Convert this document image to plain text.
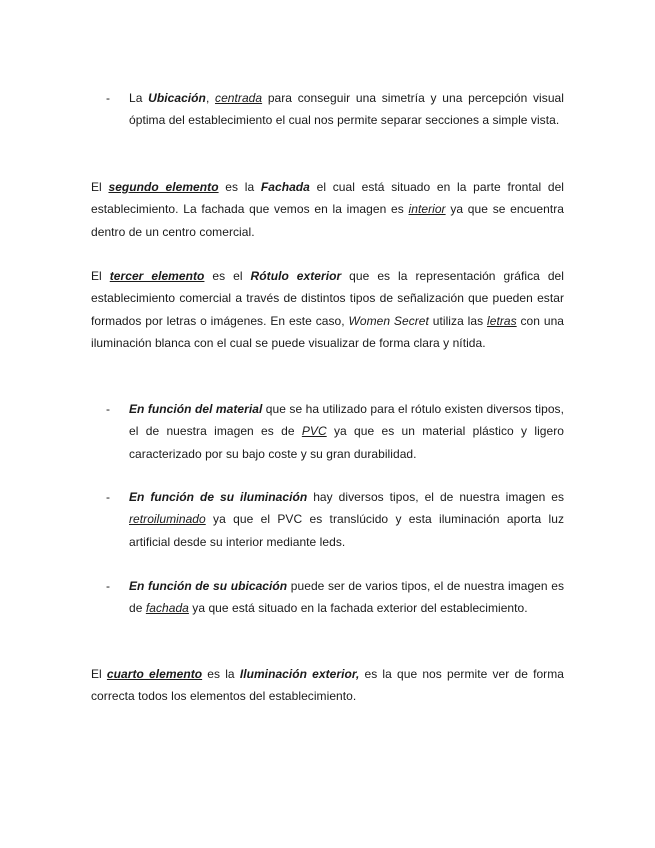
-	La Ubicación, centrada para conseguir una simetría y una percepción visual óptima del establecimiento el cual nos permite separar secciones a simple vista.
El segundo elemento es la Fachada el cual está situado en la parte frontal del establecimiento. La fachada que vemos en la imagen es interior ya que se encuentra dentro de un centro comercial.
El tercer elemento es el Rótulo exterior que es la representación gráfica del establecimiento comercial a través de distintos tipos de señalización que pueden estar formados por letras o imágenes. En este caso, Women Secret utiliza las letras con una iluminación blanca con el cual se puede visualizar de forma clara y nítida.
-	En función del material que se ha utilizado para el rótulo existen diversos tipos, el de nuestra imagen es de PVC ya que es un material plástico y ligero caracterizado por su bajo coste y su gran durabilidad.
-	En función de su iluminación hay diversos tipos, el de nuestra imagen es retroiluminado ya que el PVC es translúcido y esta iluminación aporta luz artificial desde su interior mediante leds.
-	En función de su ubicación puede ser de varios tipos, el de nuestra imagen es de fachada ya que está situado en la fachada exterior del establecimiento.
El cuarto elemento es la Iluminación exterior, es la que nos permite ver de forma correcta todos los elementos del establecimiento.
